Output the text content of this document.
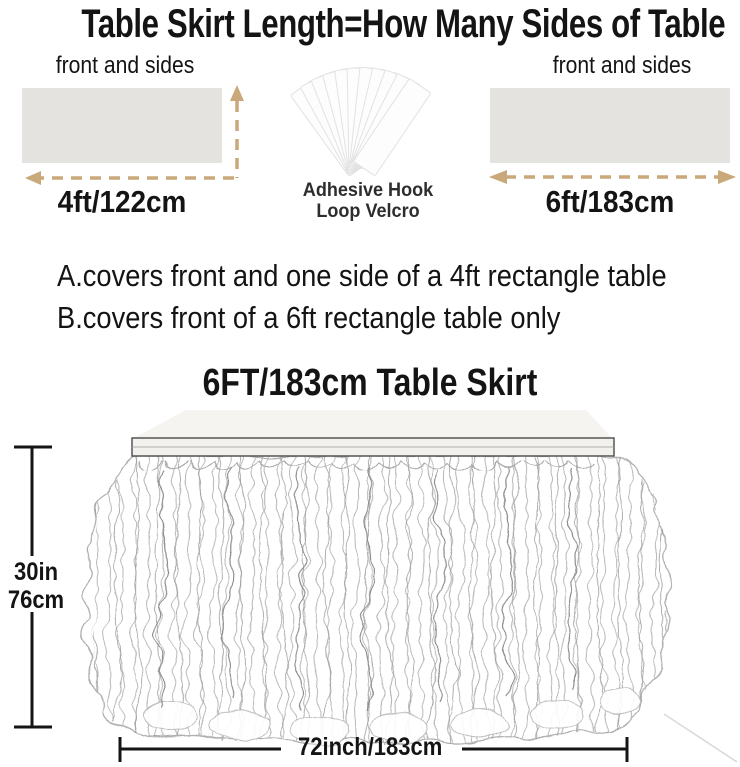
Table Skirt Length=How Many Sides of Table
front and sides	front and sides
Adhesive Hook
Loop Velcro
4ft/122cm	6ft/183cm
A.covers front and one side of a 4ft rectangle table
B.covers front of a 6ft rectangle table only
6FT/183cm Table Skirt
30in
76cm
72inch/183cm
